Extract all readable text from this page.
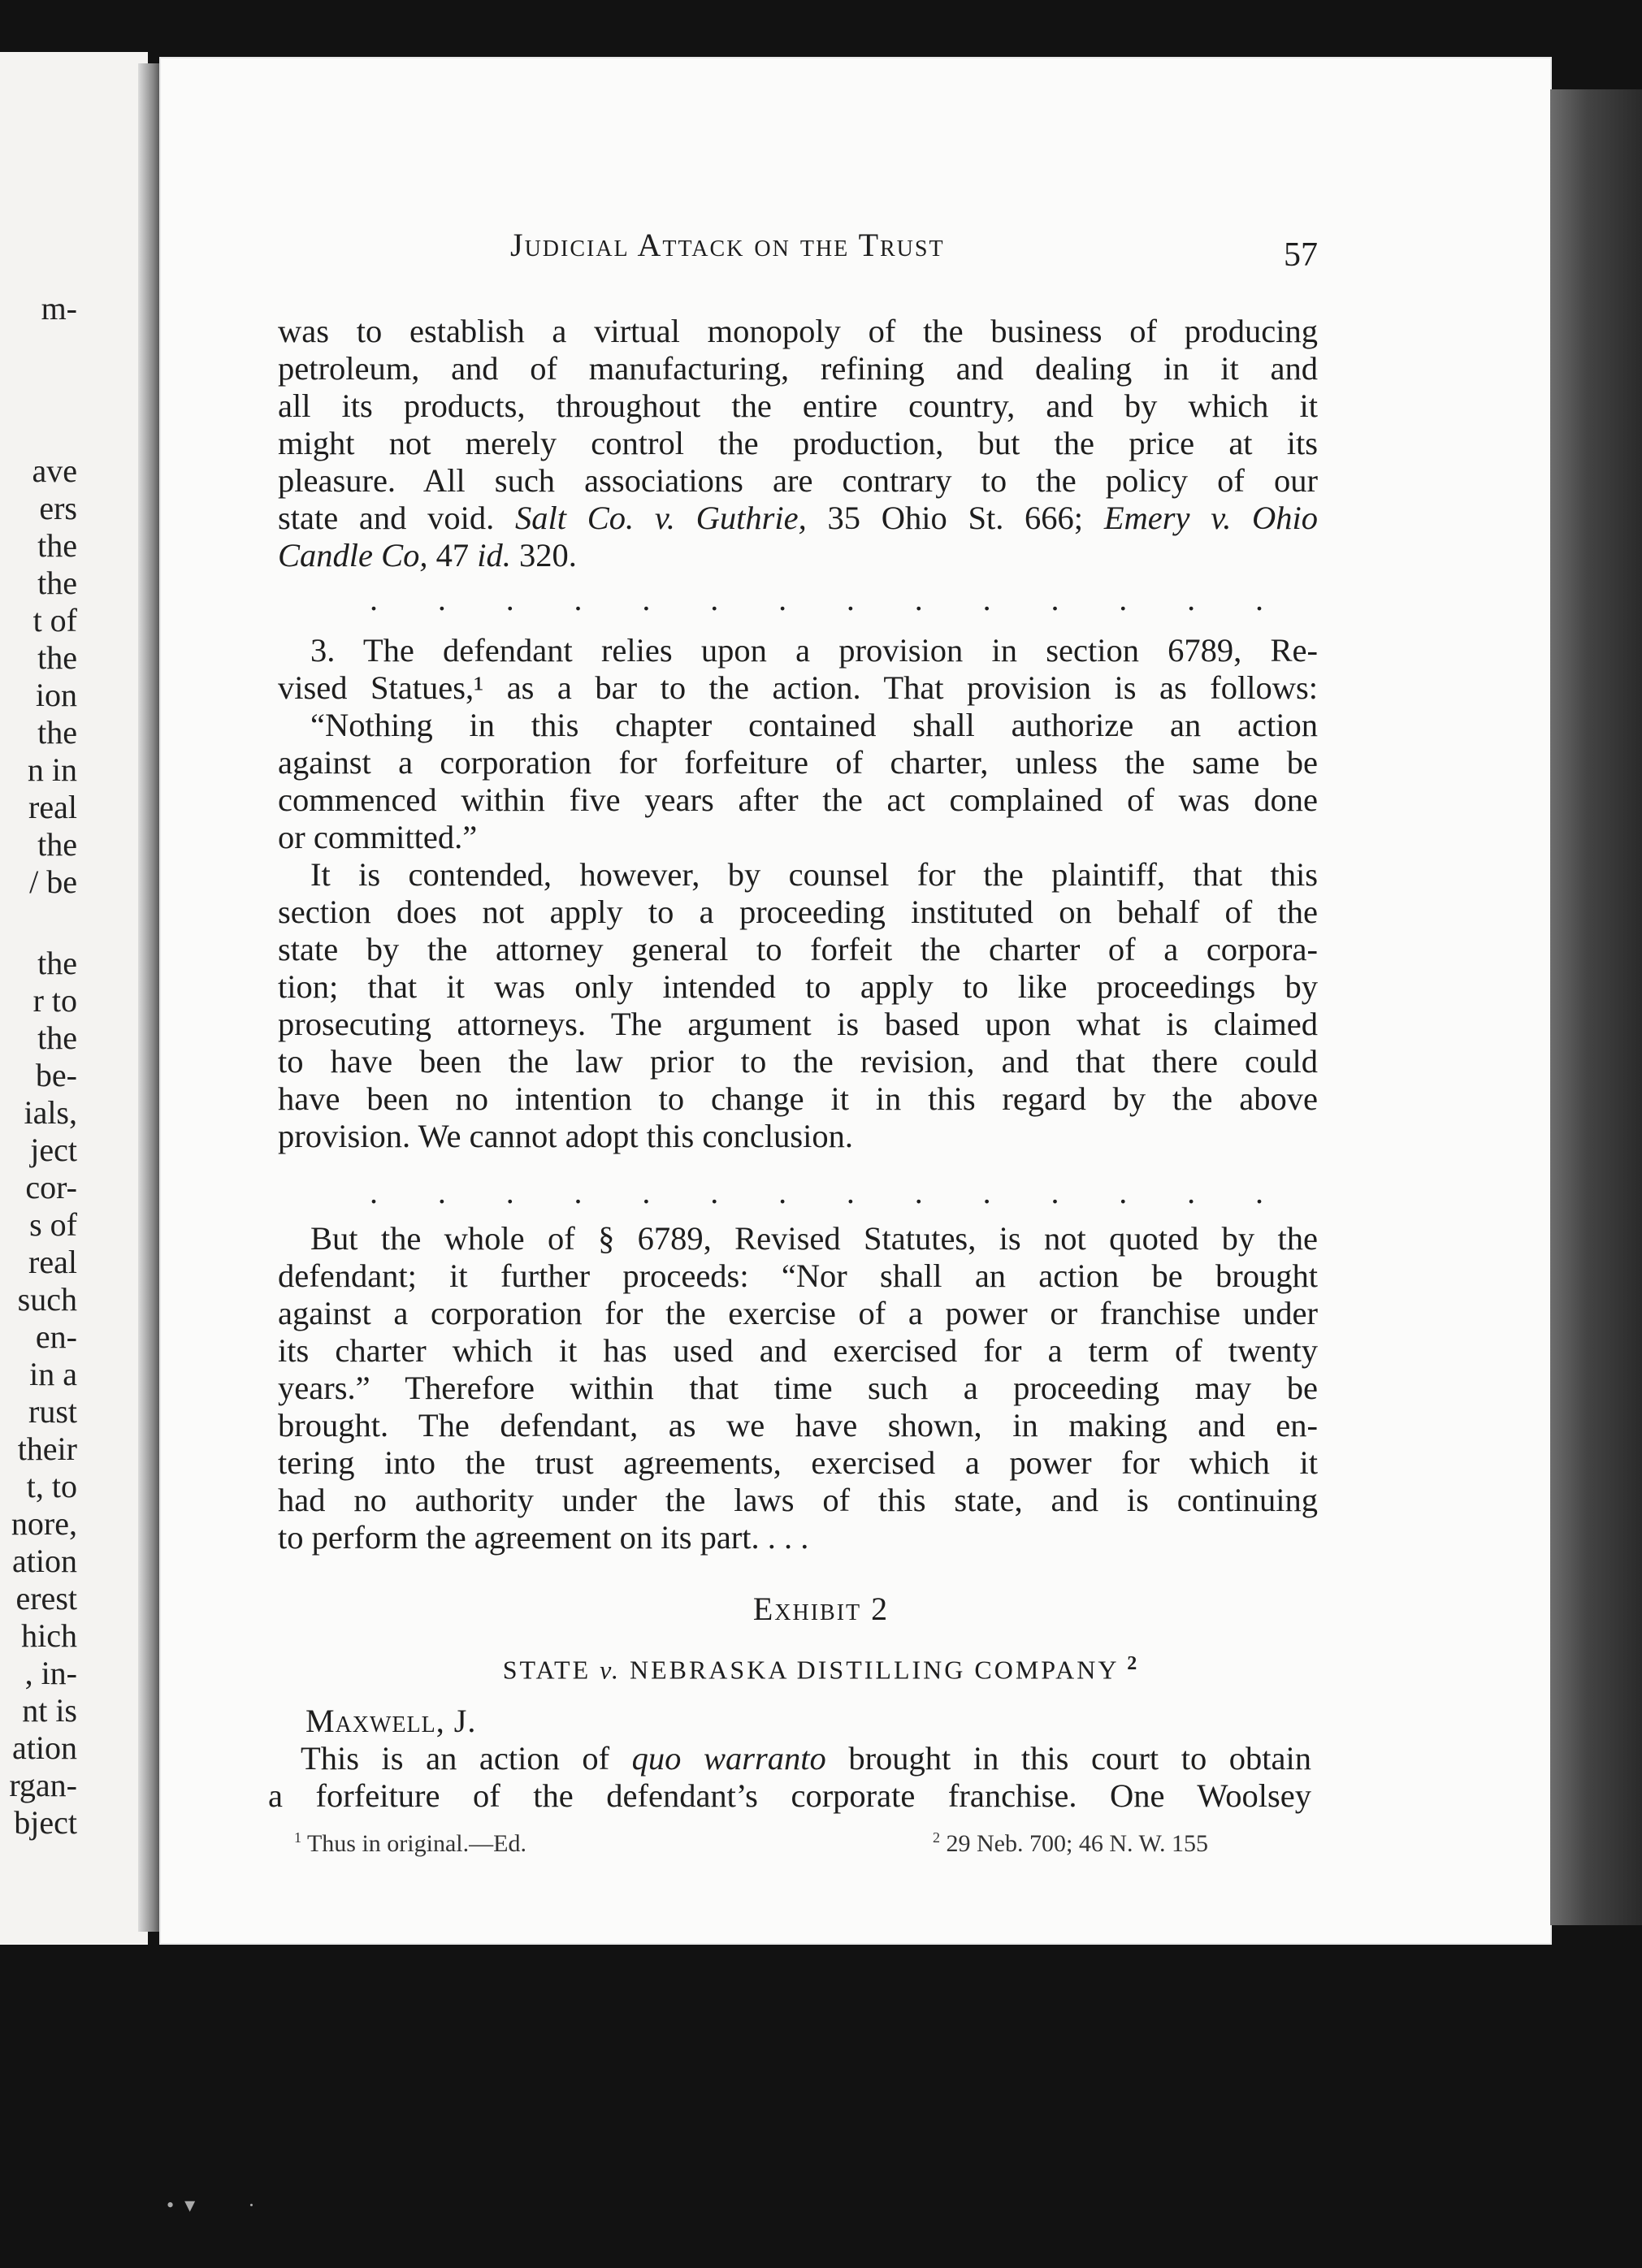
m-
ave
ers
the
the
t of
the
ion
the
n in
real
the
/ be
the
r to
the
be-
ials,
ject
cor-
s of
real
such
en-
in a
rust
their
t, to
nore,
ation
erest
hich
, in-
nt is
ation
rgan-
bject
Judicial Attack on the Trust	57
was to establish a virtual monopoly of the business of producing
petroleum, and of manufacturing, refining and dealing in it and
all its products, throughout the entire country, and by which it
might not merely control the production, but the price at its
pleasure. All such associations are contrary to the policy of our
state and void. Salt Co. v. Guthrie, 35 Ohio St. 666; Emery v. Ohio
Candle Co, 47 id. 320.
. . . . . . . . . . . . . .
3. The defendant relies upon a provision in section 6789, Re-
vised Statues,¹ as a bar to the action. That provision is as follows:
“Nothing in this chapter contained shall authorize an action
against a corporation for forfeiture of charter, unless the same be
commenced within five years after the act complained of was done
or committed.”
It is contended, however, by counsel for the plaintiff, that this
section does not apply to a proceeding instituted on behalf of the
state by the attorney general to forfeit the charter of a corpora-
tion; that it was only intended to apply to like proceedings by
prosecuting attorneys. The argument is based upon what is claimed
to have been the law prior to the revision, and that there could
have been no intention to change it in this regard by the above
provision. We cannot adopt this conclusion.
. . . . . . . . . . . . . .
But the whole of § 6789, Revised Statutes, is not quoted by the
defendant; it further proceeds: “Nor shall an action be brought
against a corporation for the exercise of a power or franchise under
its charter which it has used and exercised for a term of twenty
years.” Therefore within that time such a proceeding may be
brought. The defendant, as we have shown, in making and en-
tering into the trust agreements, exercised a power for which it
had no authority under the laws of this state, and is continuing
to perform the agreement on its part. . . .
Exhibit 2
STATE v. NEBRASKA DISTILLING COMPANY $^2$
Maxwell, J.
This is an action of quo warranto brought in this court to obtain
a forfeiture of the defendant’s corporate franchise. One Woolsey
$^1$ Thus in original.—Ed.	$^2$ 29 Neb. 700; 46 N. W. 155
•  ▾          ·
